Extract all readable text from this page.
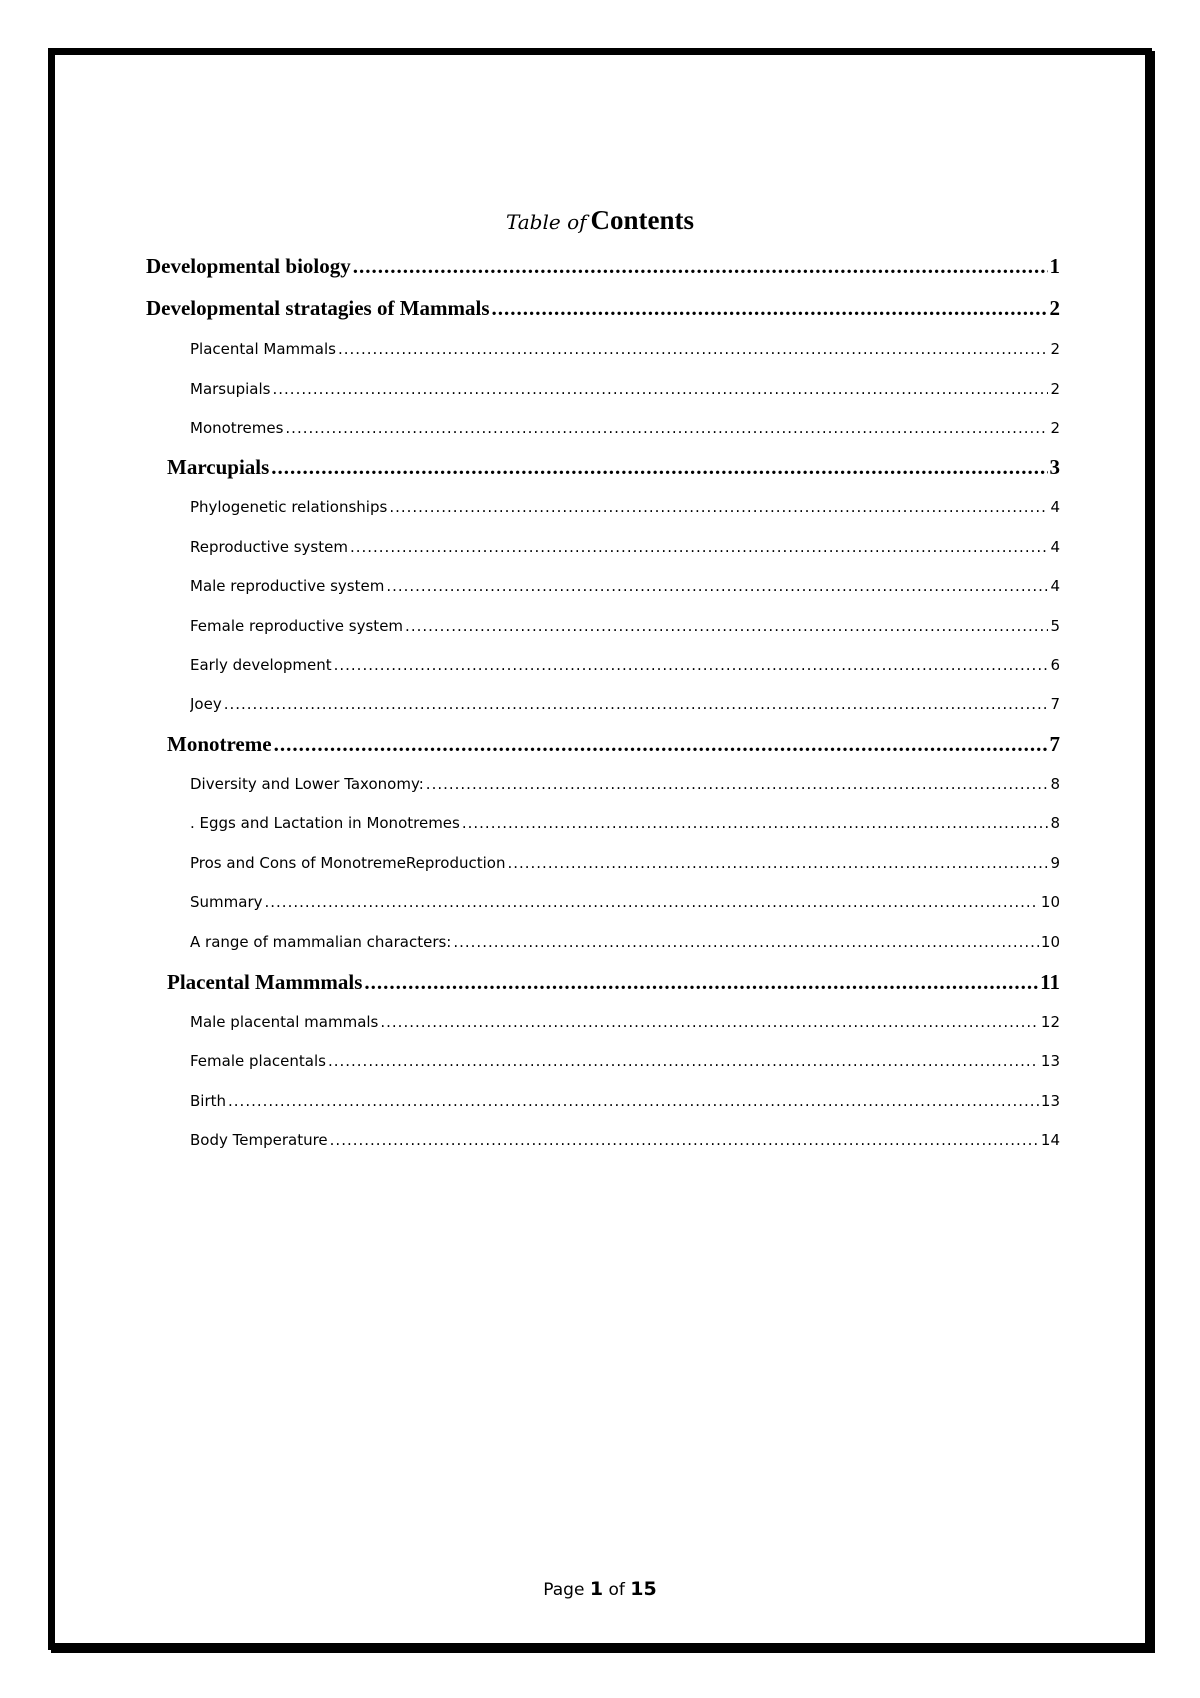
Table of Contents
Developmental biology .....	1
Developmental stratagies of Mammals .....	2
Placental Mammals .....	2
Marsupials .....	2
Monotremes .....	2
Marcupials .....	3
Phylogenetic relationships .....	4
Reproductive system .....	4
Male reproductive system .....	4
Female reproductive system .....	5
Early development .....	6
Joey .....	7
Monotreme .....	7
Diversity and Lower Taxonomy: .....	8
. Eggs and Lactation in Monotremes .....	8
Pros and Cons of MonotremeReproduction .....	9
Summary .....	10
A range of mammalian characters: .....	10
Placental Mammmals .....	11
Male placental mammals .....	12
Female placentals .....	13
Birth .....	13
Body Temperature .....	14
Page 1 of 15
